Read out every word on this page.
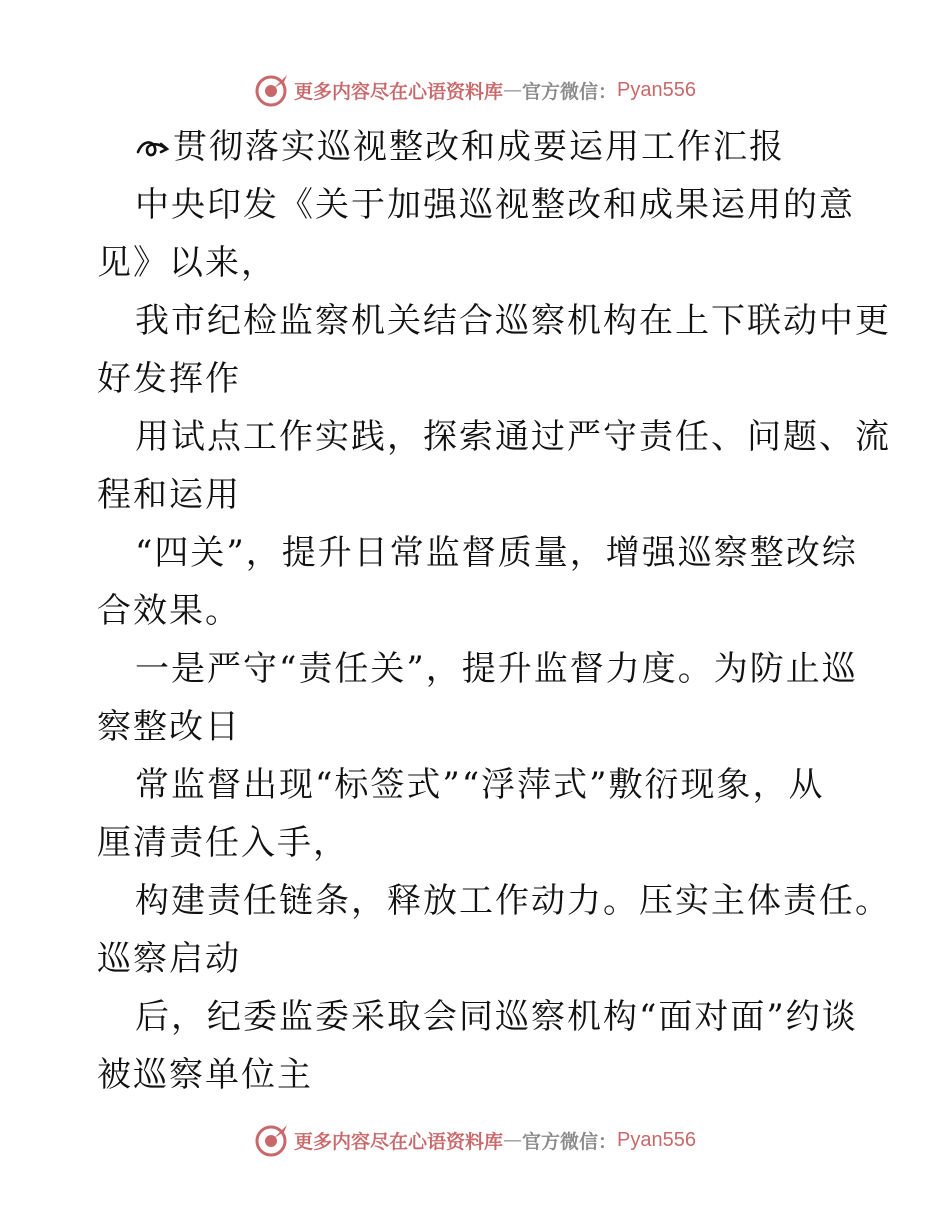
更多内容尽在心语资料库 — 官方微信： Pyan556
贯彻落实巡视整改和成要运用工作汇报
中央印发《关于加强巡视整改和成果运用的意
见》以来，
我市纪检监察机关结合巡察机构在上下联动中更
好发挥作
用试点工作实践，探索通过严守责任、问题、流
程和运用
“四关”，提升日常监督质量，增强巡察整改综
合效果。
一是严守“责任关”，提升监督力度。为防止巡
察整改日
常监督出现“标签式”“浮萍式”敷衍现象，从
厘清责任入手，
构建责任链条，释放工作动力。压实主体责任。
巡察启动
后，纪委监委采取会同巡察机构“面对面”约谈
被巡察单位主
更多内容尽在心语资料库 — 官方微信： Pyan556
